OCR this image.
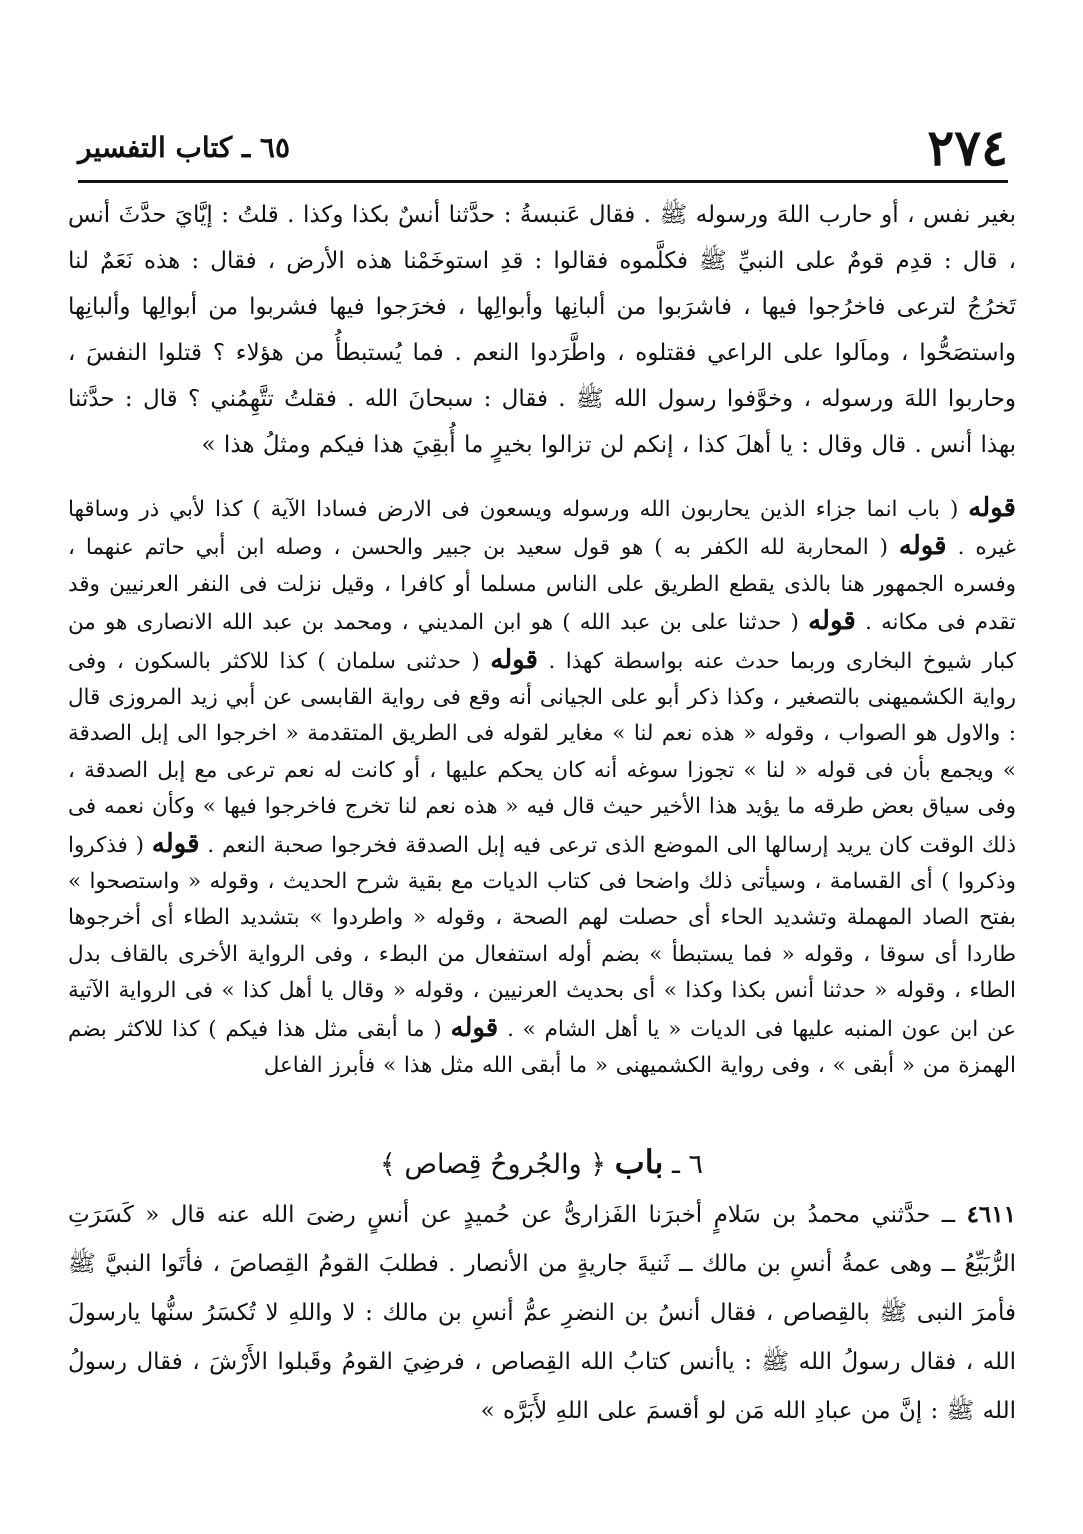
٢٧٤
٦٥ ـ كتاب التفسير

بغير نفس ، أو حارب اللهَ ورسوله ﷺ . فقال عَنبسةُ : حدَّثنا أنسٌ بكذا وكذا . قلتُ : إيَّايَ حدَّثَ أنس ، قال : قدِم قومٌ على النبيِّ ﷺ فكلَّموه فقالوا : قدِ استوخَمْنا هذه الأرض ، فقال : هذه نَعَمٌ لنا تَخرُجُ لترعى فاخرُجوا فيها ، فاشرَبوا من ألبانِها وأبوالِها ، فخرَجوا فيها فشربوا من أبوالِها وألبانِها واستصَحُّوا ، وماَلوا على الراعي فقتلوه ، واطَّرَدوا النعم . فما يُستبطأُ من هؤلاء ؟ قتلوا النفسَ ، وحاربوا اللهَ ورسوله ، وخوَّفوا رسول الله ﷺ . فقال : سبحانَ الله . فقلتُ تتَّهِمُني ؟ قال : حدَّثنا بهذا أنس . قال وقال : يا أهلَ كذا ، إنكم لن تزالوا بخيرٍ ما أُبقِيَ هذا فيكم ومثلُ هذا »

قوله ( باب انما جزاء الذين يحاربون الله ورسوله ويسعون فى الارض فسادا الآية ) كذا لأبي ذر وساقها غيره . قوله ( المحاربة لله الكفر به ) هو قول سعيد بن جبير والحسن ، وصله ابن أبي حاتم عنهما ، وفسره الجمهور هنا بالذى يقطع الطريق على الناس مسلما أو كافرا ، وقيل نزلت فى النفر العرنيين وقد تقدم فى مكانه . قوله ( حدثنا على بن عبد الله ) هو ابن المديني ، ومحمد بن عبد الله الانصارى هو من كبار شيوخ البخارى وربما حدث عنه بواسطة كهذا . قوله ( حدثنى سلمان ) كذا للاكثر بالسكون ، وفى رواية الكشميهنى بالتصغير ، وكذا ذكر أبو على الجيانى أنه وقع فى رواية القابسى عن أبي زيد المروزى قال : والاول هو الصواب ، وقوله « هذه نعم لنا » مغاير لقوله فى الطريق المتقدمة « اخرجوا الى إبل الصدقة » ويجمع بأن فى قوله « لنا » تجوزا سوغه أنه كان يحكم عليها ، أو كانت له نعم ترعى مع إبل الصدقة ، وفى سياق بعض طرقه ما يؤيد هذا الأخير حيث قال فيه « هذه نعم لنا تخرج فاخرجوا فيها » وكأن نعمه فى ذلك الوقت كان يريد إرسالها الى الموضع الذى ترعى فيه إبل الصدقة فخرجوا صحبة النعم . قوله ( فذكروا وذكروا ) أى القسامة ، وسيأتى ذلك واضحا فى كتاب الديات مع بقية شرح الحديث ، وقوله « واستصحوا » بفتح الصاد المهملة وتشديد الحاء أى حصلت لهم الصحة ، وقوله « واطردوا » بتشديد الطاء أى أخرجوها طاردا أى سوقا ، وقوله « فما يستبطأ » بضم أوله استفعال من البطء ، وفى الرواية الأخرى بالقاف بدل الطاء ، وقوله « حدثنا أنس بكذا وكذا » أى بحديث العرنيين ، وقوله « وقال يا أهل كذا » فى الرواية الآتية عن ابن عون المنبه عليها فى الديات « يا أهل الشام » . قوله ( ما أبقى مثل هذا فيكم ) كذا للاكثر بضم الهمزة من « أبقى » ، وفى رواية الكشميهنى « ما أبقى الله مثل هذا » فأبرز الفاعل

٦ ـ باب ﴿ والجُروحُ قِصاص ﴾

٤٦١١ ــ حدَّثني محمدُ بن سَلامٍ أخبرَنا الفَزارىُّ عن حُميدٍ عن أنسٍ رضىَ الله عنه قال « كَسَرَتِ الرُّبَيِّعُ ــ وهى عمةُ أنسِ بن مالك ــ ثَنيةَ جاريةٍ من الأنصار . فطلبَ القومُ القِصاصَ ، فأتَوا النبيَّ ﷺ فأمرَ النبى ﷺ بالقِصاص ، فقال أنسُ بن النضرِ عمُّ أنسِ بن مالك : لا واللهِ لا تُكسَرُ سنُّها يارسولَ الله ، فقال رسولُ الله ﷺ : ياأنس كتابُ الله القِصاص ، فرضِيَ القومُ وقَبلوا الأَرْشَ ، فقال رسولُ الله ﷺ : إنَّ من عبادِ الله مَن لو أقسمَ على اللهِ لأَبَرَّه »
